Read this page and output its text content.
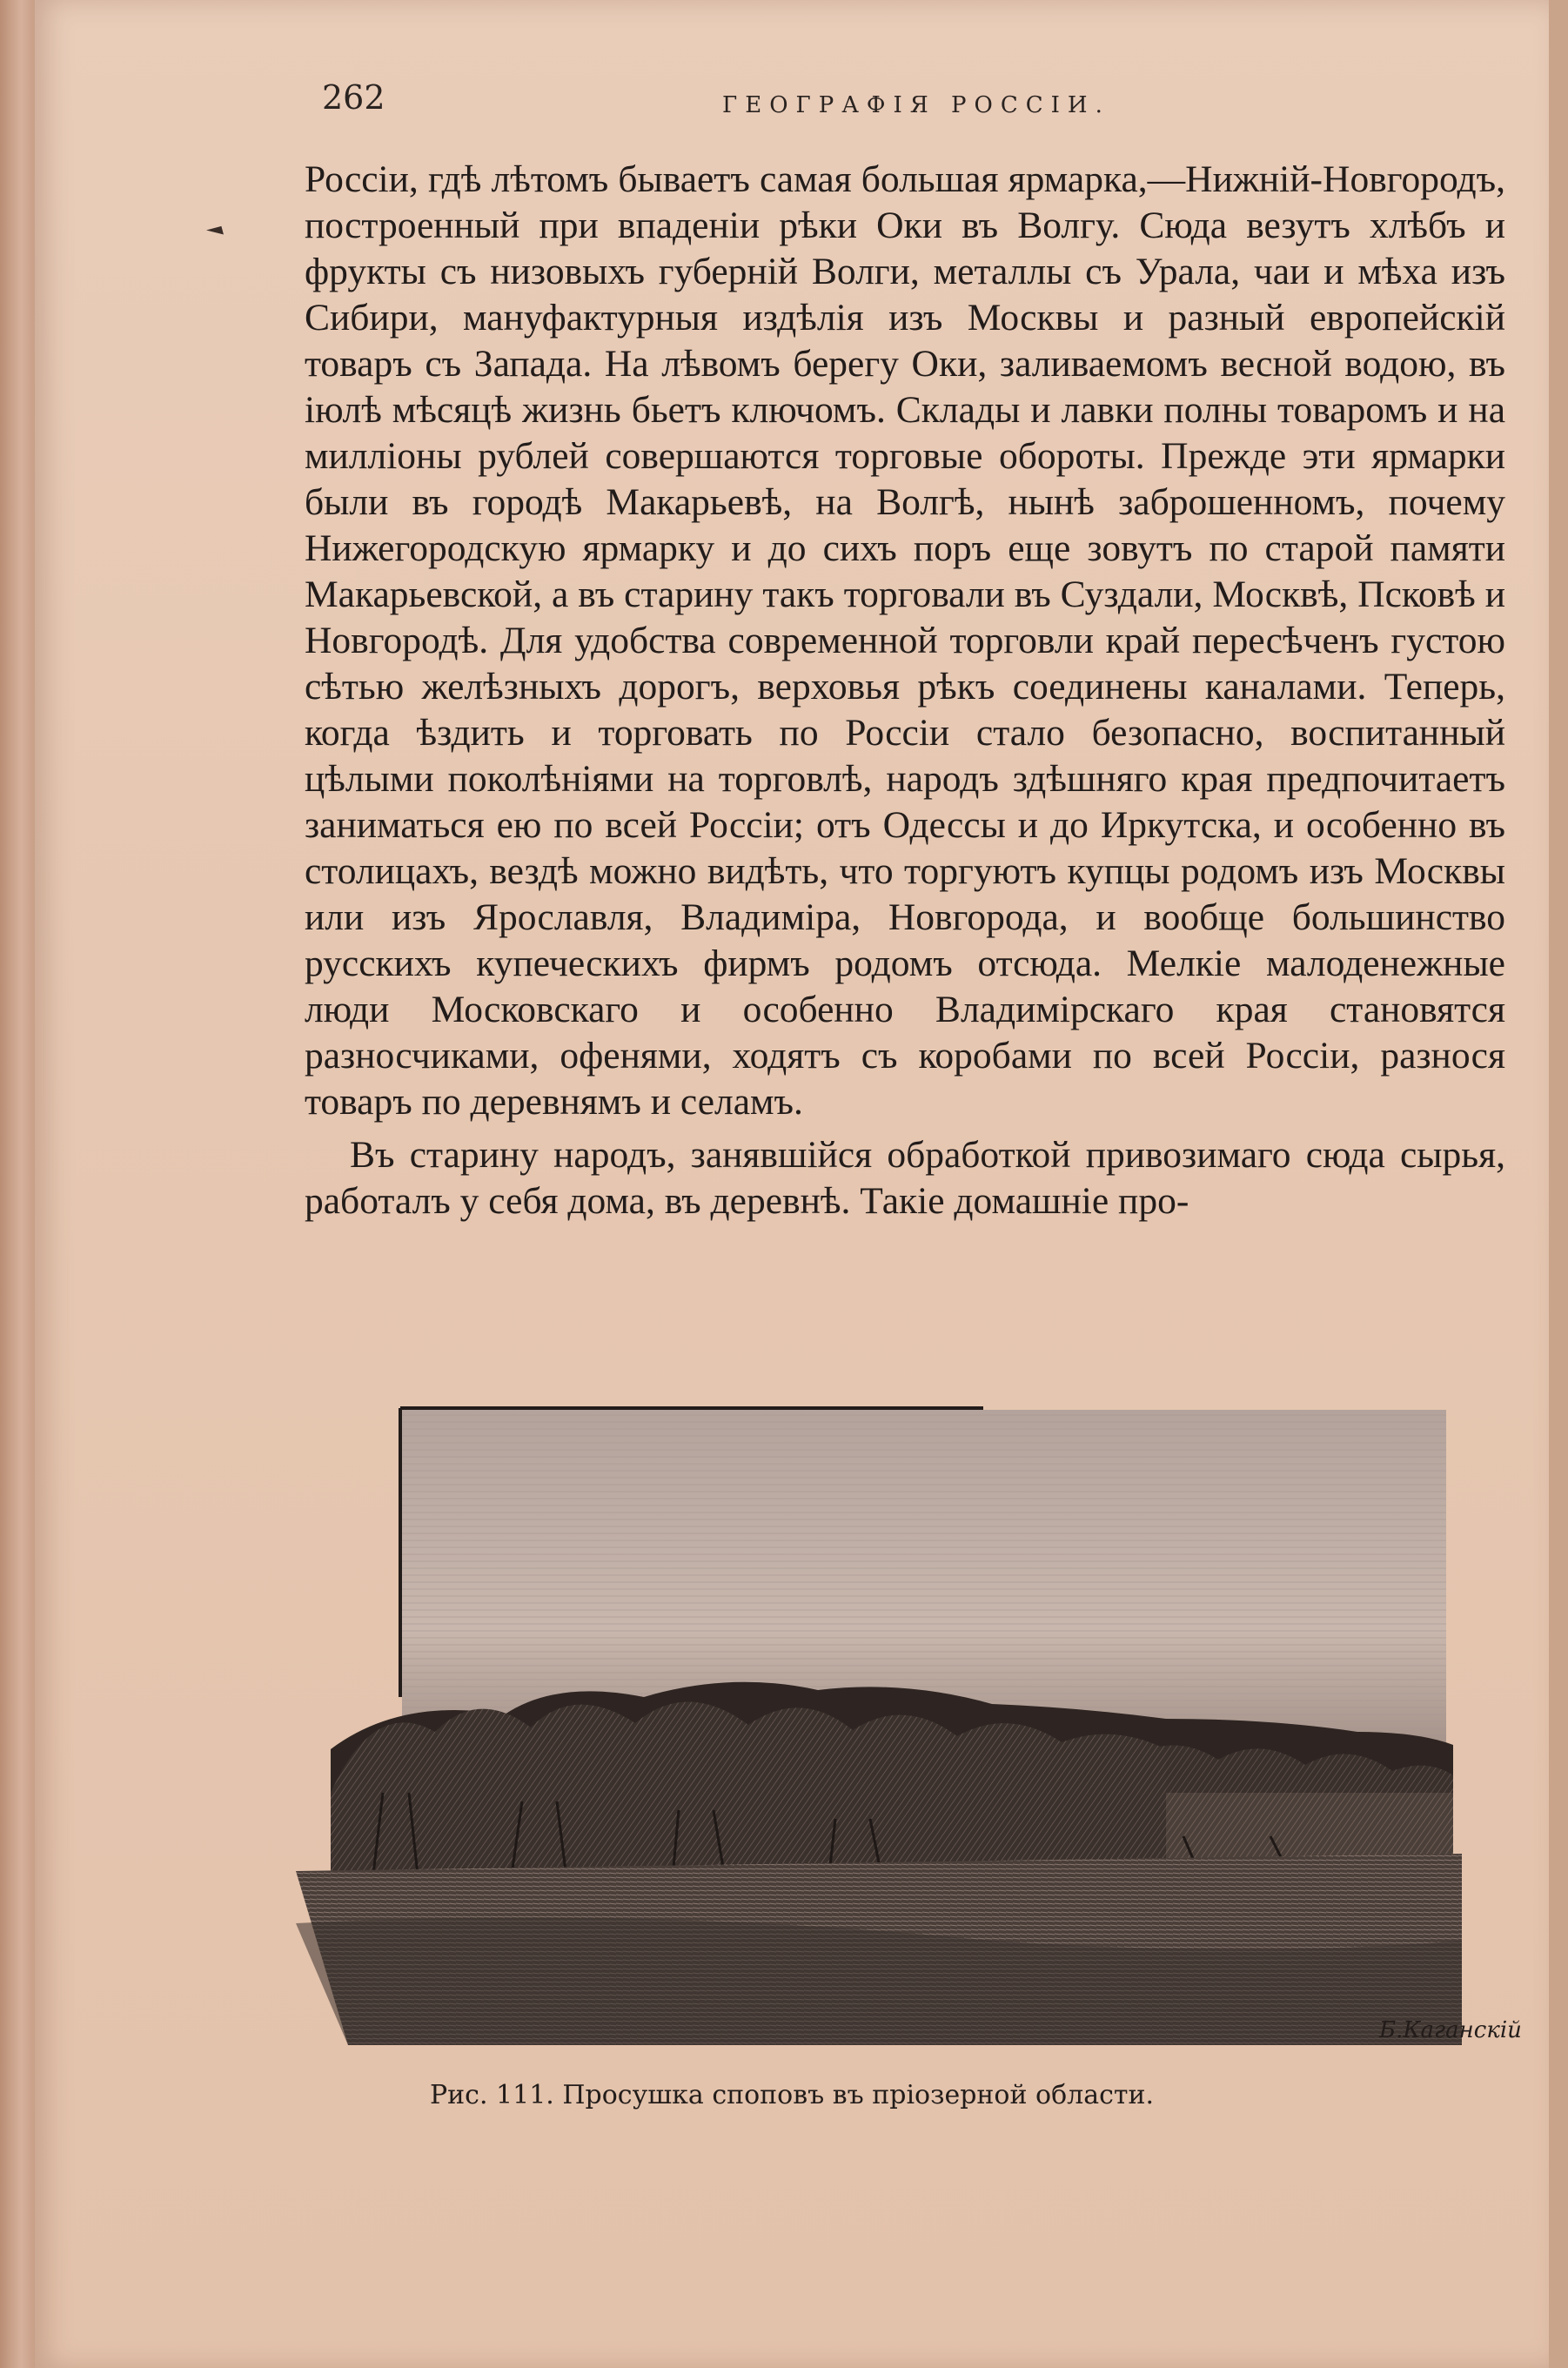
262	ГЕОГРАФІЯ РОССІИ.

Россіи, гдѣ лѣтомъ бываетъ самая большая ярмарка,—Нижній-Новгородъ, построенный при впаденіи рѣки Оки въ Волгу. Сюда везутъ хлѣбъ и фрукты съ низовыхъ губерній Волги, металлы съ Урала, чаи и мѣха изъ Сибири, мануфактурныя издѣлія изъ Москвы и разный европейскій товаръ съ Запада. На лѣвомъ берегу Оки, заливаемомъ весной водою, въ іюлѣ мѣсяцѣ жизнь бьетъ ключомъ. Склады и лавки полны товаромъ и на милліоны рублей совершаются торговые обороты. Прежде эти ярмарки были въ городѣ Макарьевѣ, на Волгѣ, нынѣ заброшенномъ, почему Нижегородскую ярмарку и до сихъ поръ еще зовутъ по старой памяти Макарьевской, а въ старину такъ торговали въ Суздали, Москвѣ, Псковѣ и Новгородѣ. Для удобства современной торговли край пересѣченъ густою сѣтью желѣзныхъ дорогъ, верховья рѣкъ соединены каналами. Теперь, когда ѣздить и торговать по Россіи стало безопасно, воспитанный цѣлыми поколѣніями на торговлѣ, народъ здѣшняго края предпочитаетъ заниматься ею по всей Россіи; отъ Одессы и до Иркутска, и особенно въ столицахъ, вездѣ можно видѣть, что торгуютъ купцы родомъ изъ Москвы или изъ Ярославля, Владиміра, Новгорода, и вообще большинство русскихъ купеческихъ фирмъ родомъ отсюда. Мелкіе малоденежные люди Московскаго и особенно Владимірскаго края становятся разносчиками, офенями, ходятъ съ коробами по всей Россіи, разнося товаръ по деревнямъ и селамъ.

Въ старину народъ, занявшійся обработкой привозимаго сюда сырья, работалъ у себя дома, въ деревнѣ. Такіе домашніе про-

Б.Каганскій
Рис. 111. Просушка споповъ въ пріозерной области.
